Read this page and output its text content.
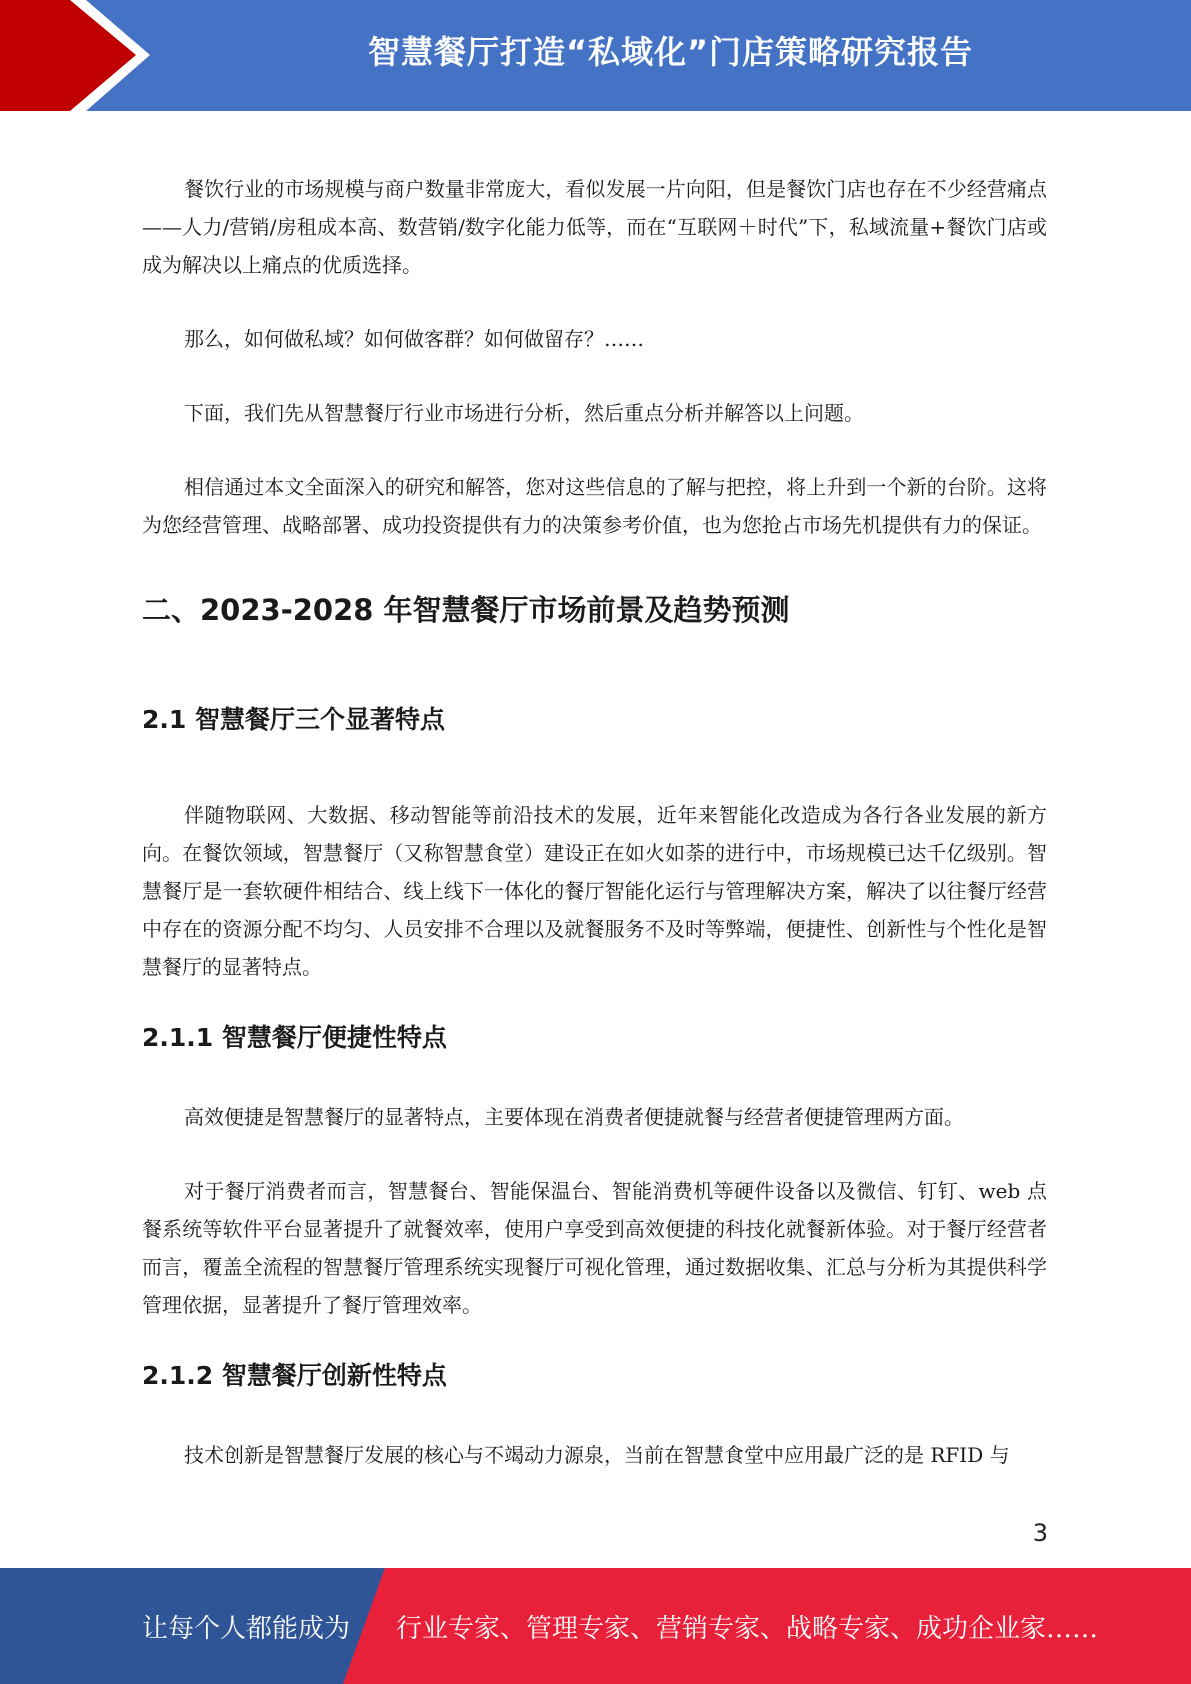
智慧餐厅打造“私域化”门店策略研究报告

餐饮行业的市场规模与商户数量非常庞大，看似发展一片向阳，但是餐饮门店也存在不少经营痛点——人力/营销/房租成本高、数营销/数字化能力低等，而在“互联网＋时代”下，私域流量+餐饮门店或成为解决以上痛点的优质选择。

那么，如何做私域？如何做客群？如何做留存？……

下面，我们先从智慧餐厅行业市场进行分析，然后重点分析并解答以上问题。

相信通过本文全面深入的研究和解答，您对这些信息的了解与把控，将上升到一个新的台阶。这将为您经营管理、战略部署、成功投资提供有力的决策参考价值，也为您抢占市场先机提供有力的保证。

二、2023-2028 年智慧餐厅市场前景及趋势预测
2.1 智慧餐厅三个显著特点

伴随物联网、大数据、移动智能等前沿技术的发展，近年来智能化改造成为各行各业发展的新方向。在餐饮领域，智慧餐厅（又称智慧食堂）建设正在如火如荼的进行中，市场规模已达千亿级别。智慧餐厅是一套软硬件相结合、线上线下一体化的餐厅智能化运行与管理解决方案，解决了以往餐厅经营中存在的资源分配不均匀、人员安排不合理以及就餐服务不及时等弊端，便捷性、创新性与个性化是智慧餐厅的显著特点。

2.1.1 智慧餐厅便捷性特点

高效便捷是智慧餐厅的显著特点，主要体现在消费者便捷就餐与经营者便捷管理两方面。

对于餐厅消费者而言，智慧餐台、智能保温台、智能消费机等硬件设备以及微信、钉钉、web 点餐系统等软件平台显著提升了就餐效率，使用户享受到高效便捷的科技化就餐新体验。对于餐厅经营者而言，覆盖全流程的智慧餐厅管理系统实现餐厅可视化管理，通过数据收集、汇总与分析为其提供科学管理依据，显著提升了餐厅管理效率。

2.1.2 智慧餐厅创新性特点

技术创新是智慧餐厅发展的核心与不竭动力源泉，当前在智慧食堂中应用最广泛的是 RFID 与

3
让每个人都能成为 行业专家、管理专家、营销专家、战略专家、成功企业家……
